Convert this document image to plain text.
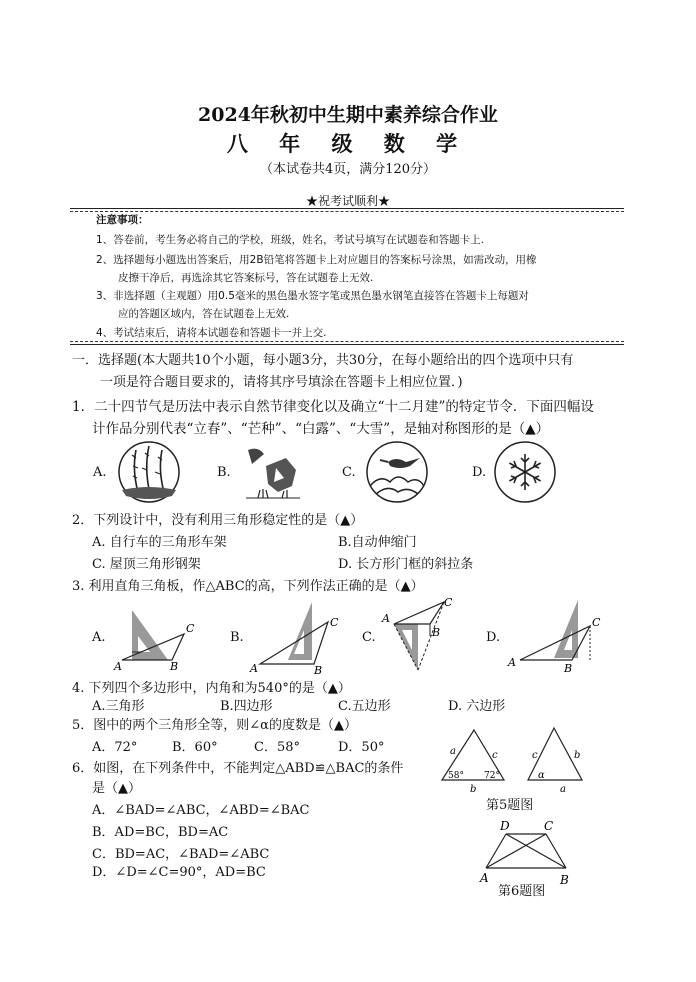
2024年秋初中生期中素养综合作业
八 年 级 数 学
（本试卷共4页，满分120分）
★祝考试顺利★
注意事项：
1、答卷前，考生务必将自己的学校，班级，姓名，考试号填写在试题卷和答题卡上.
2、选择题每小题选出答案后，用2B铅笔将答题卡上对应题目的答案标号涂黑，如需改动，用橡
皮擦干净后，再选涂其它答案标号，答在试题卷上无效.
3、非选择题（主观题）用0.5毫米的黑色墨水签字笔或黑色墨水钢笔直接答在答题卡上每题对
应的答题区域内，答在试题卷上无效.
4、考试结束后，请将本试题卷和答题卡一并上交.
一．选择题(本大题共10个小题，每小题3分，共30分，在每小题给出的四个选项中只有
一项是符合题目要求的，请将其序号填涂在答题卡上相应位置．)
1．二十四节气是历法中表示自然节律变化以及确立“十二月建”的特定节令．下面四幅设
计作品分别代表“立春”、“芒种”、“白露”、“大雪”，是轴对称图形的是（▲）
A.	B.	C.	D.
2．下列设计中，没有利用三角形稳定性的是（▲）
A. 自行车的三角形车架	B.自动伸缩门
C. 屋顶三角形钢架	D. 长方形门框的斜拉条
3. 利用直角三角板，作△ABC的高，下列作法正确的是（▲）
A.	B.	C.	D.
A	B
C
A	B
C	A
B
C
A	B
C
4. 下列四个多边形中，内角和为540°的是（▲）
A.三角形	B.四边形	C.五边形	D. 六边形
5．图中的两个三角形全等，则∠α的度数是（▲）
A．72°	B．60°	C．58°	D．50°
58° 72°
a	c
b
c
α
a
b
第5题图
6．如图，在下列条件中，不能判定△ABD≌△BAC的条件
是（▲）
A．∠BAD=∠ABC，∠ABD=∠BAC
B．AD=BC，BD=AC
C．BD=AC，∠BAD=∠ABC
D．∠D=∠C=90°，AD=BC
D	C
A	B
第6题图
